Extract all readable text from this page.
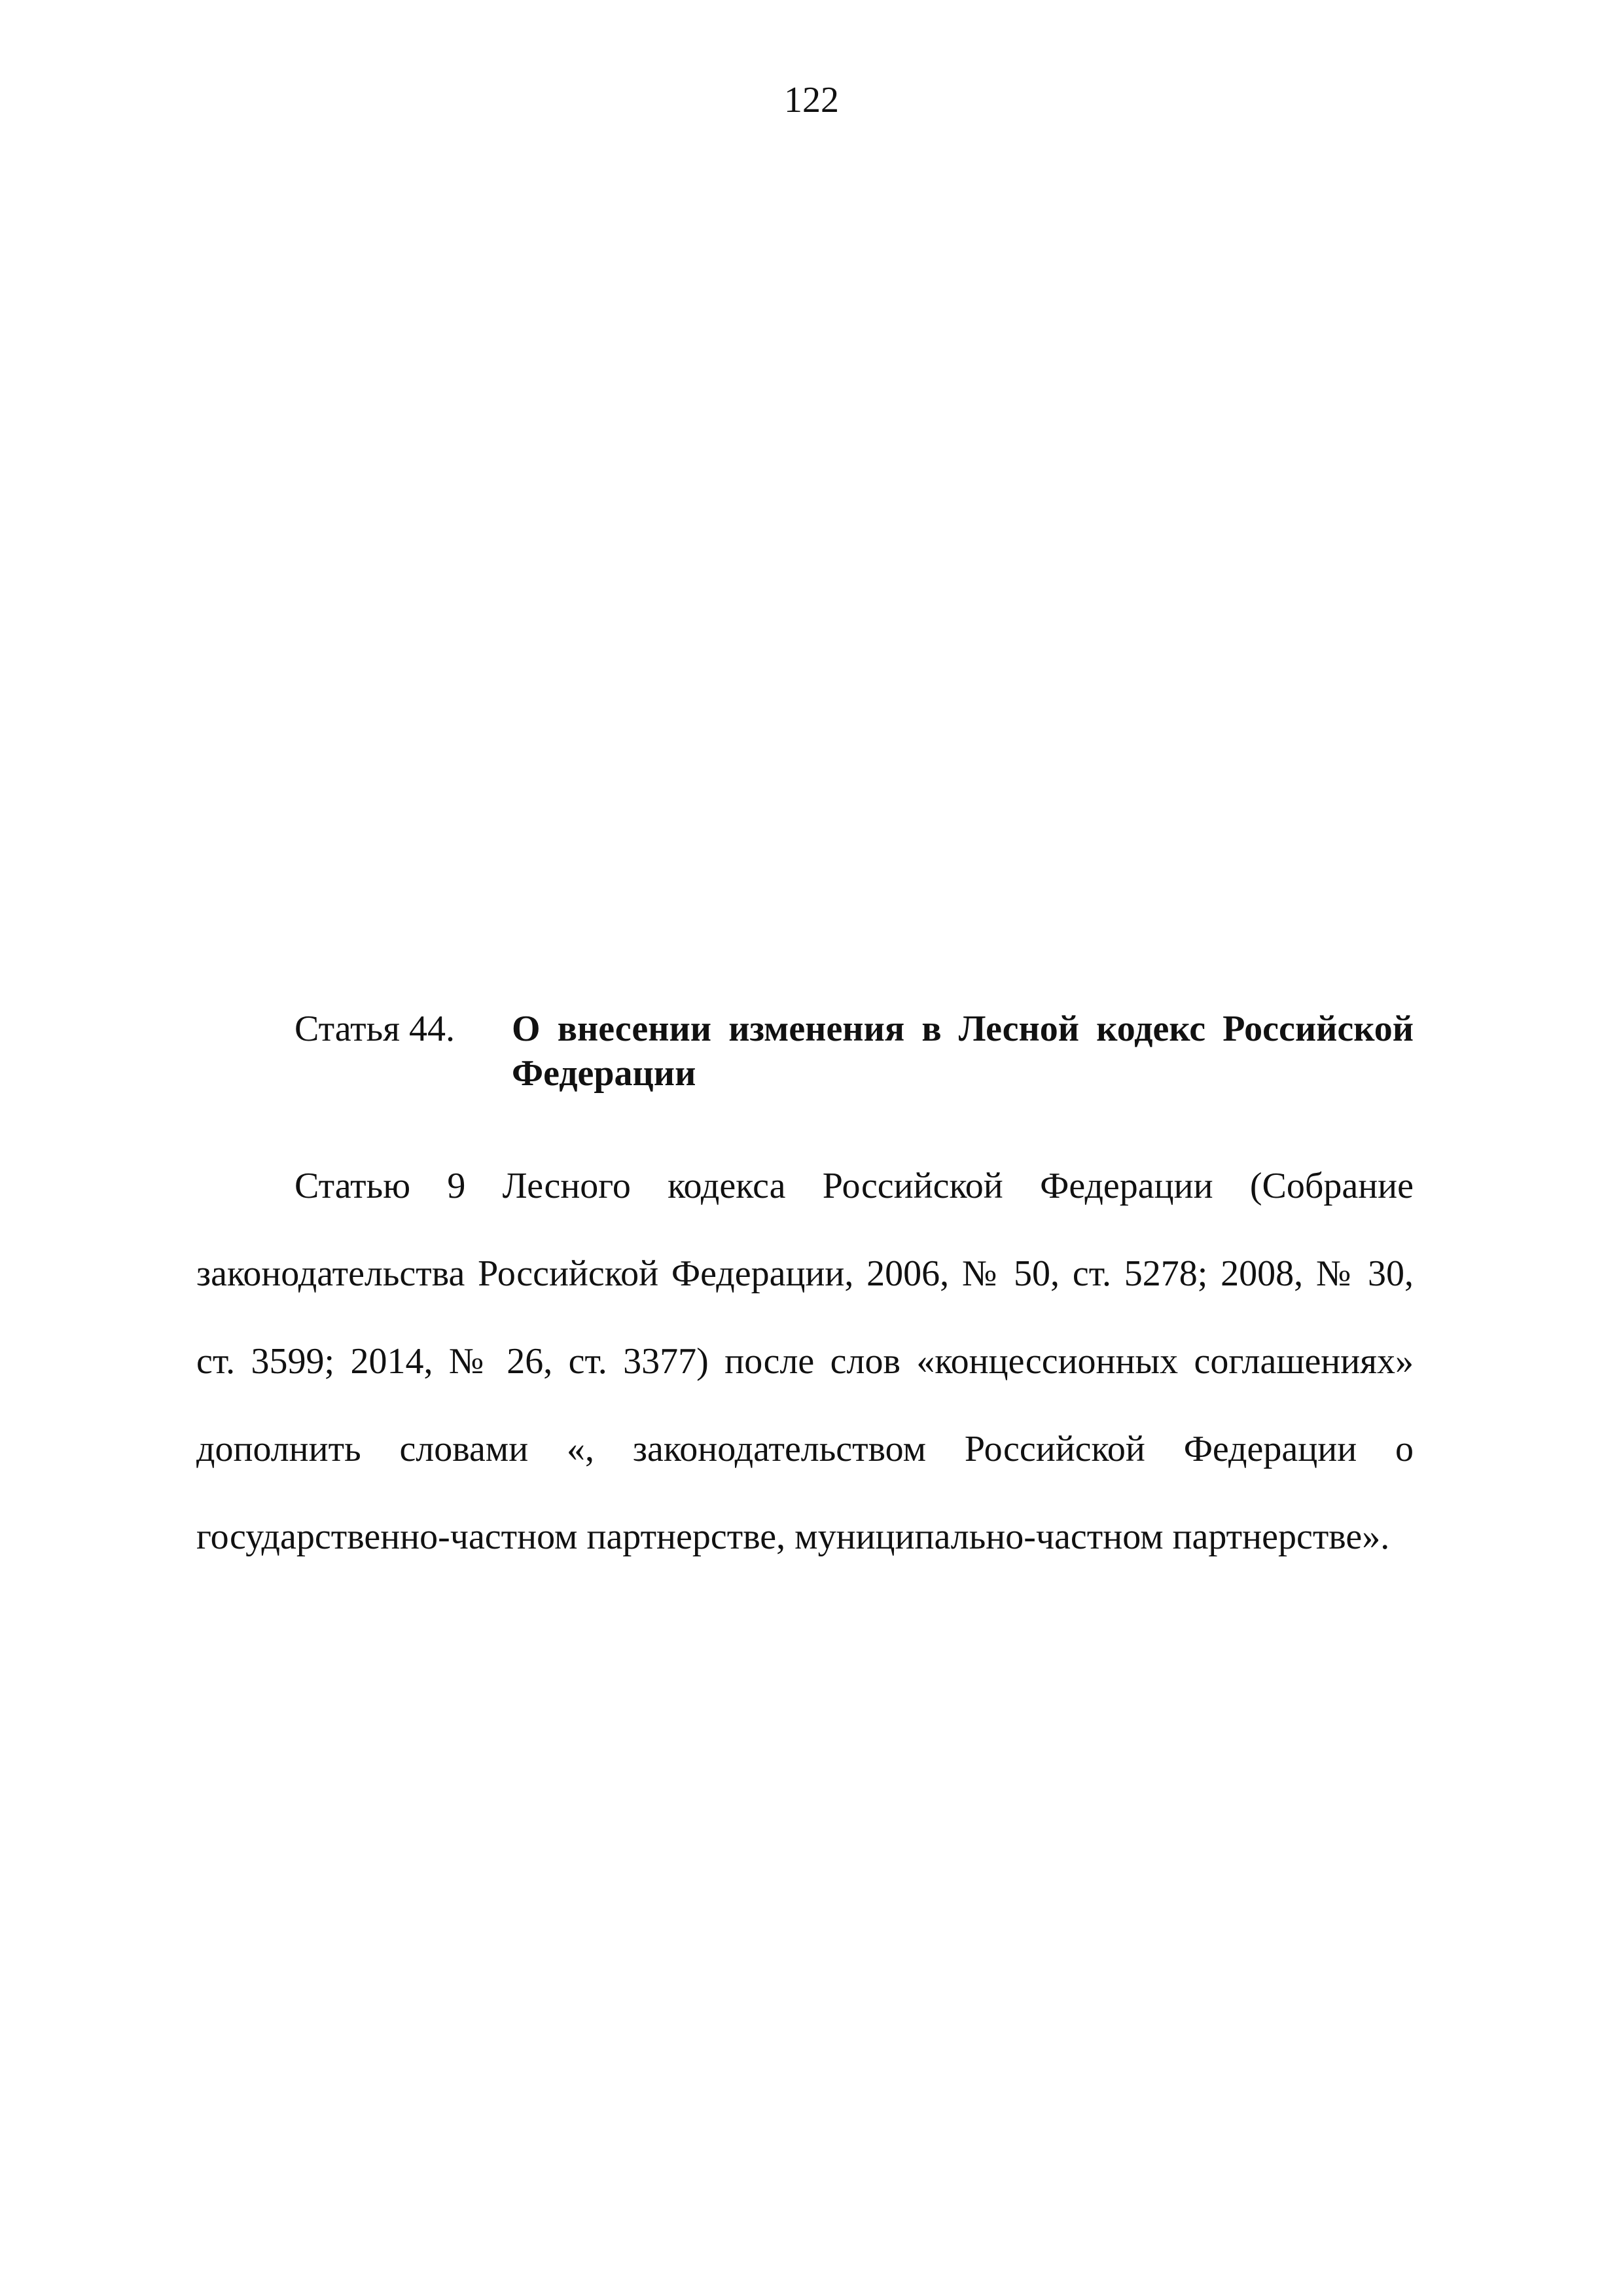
122
Статья 44. О внесении изменения в Лесной кодекс Российской Федерации

Статью 9 Лесного кодекса Российской Федерации (Собрание законодательства Российской Федерации, 2006, № 50, ст. 5278; 2008, № 30, ст. 3599; 2014, № 26, ст. 3377) после слов «концессионных соглашениях» дополнить словами «, законодательством Российской Федерации о государственно-частном партнерстве, муниципально-частном партнерстве».
